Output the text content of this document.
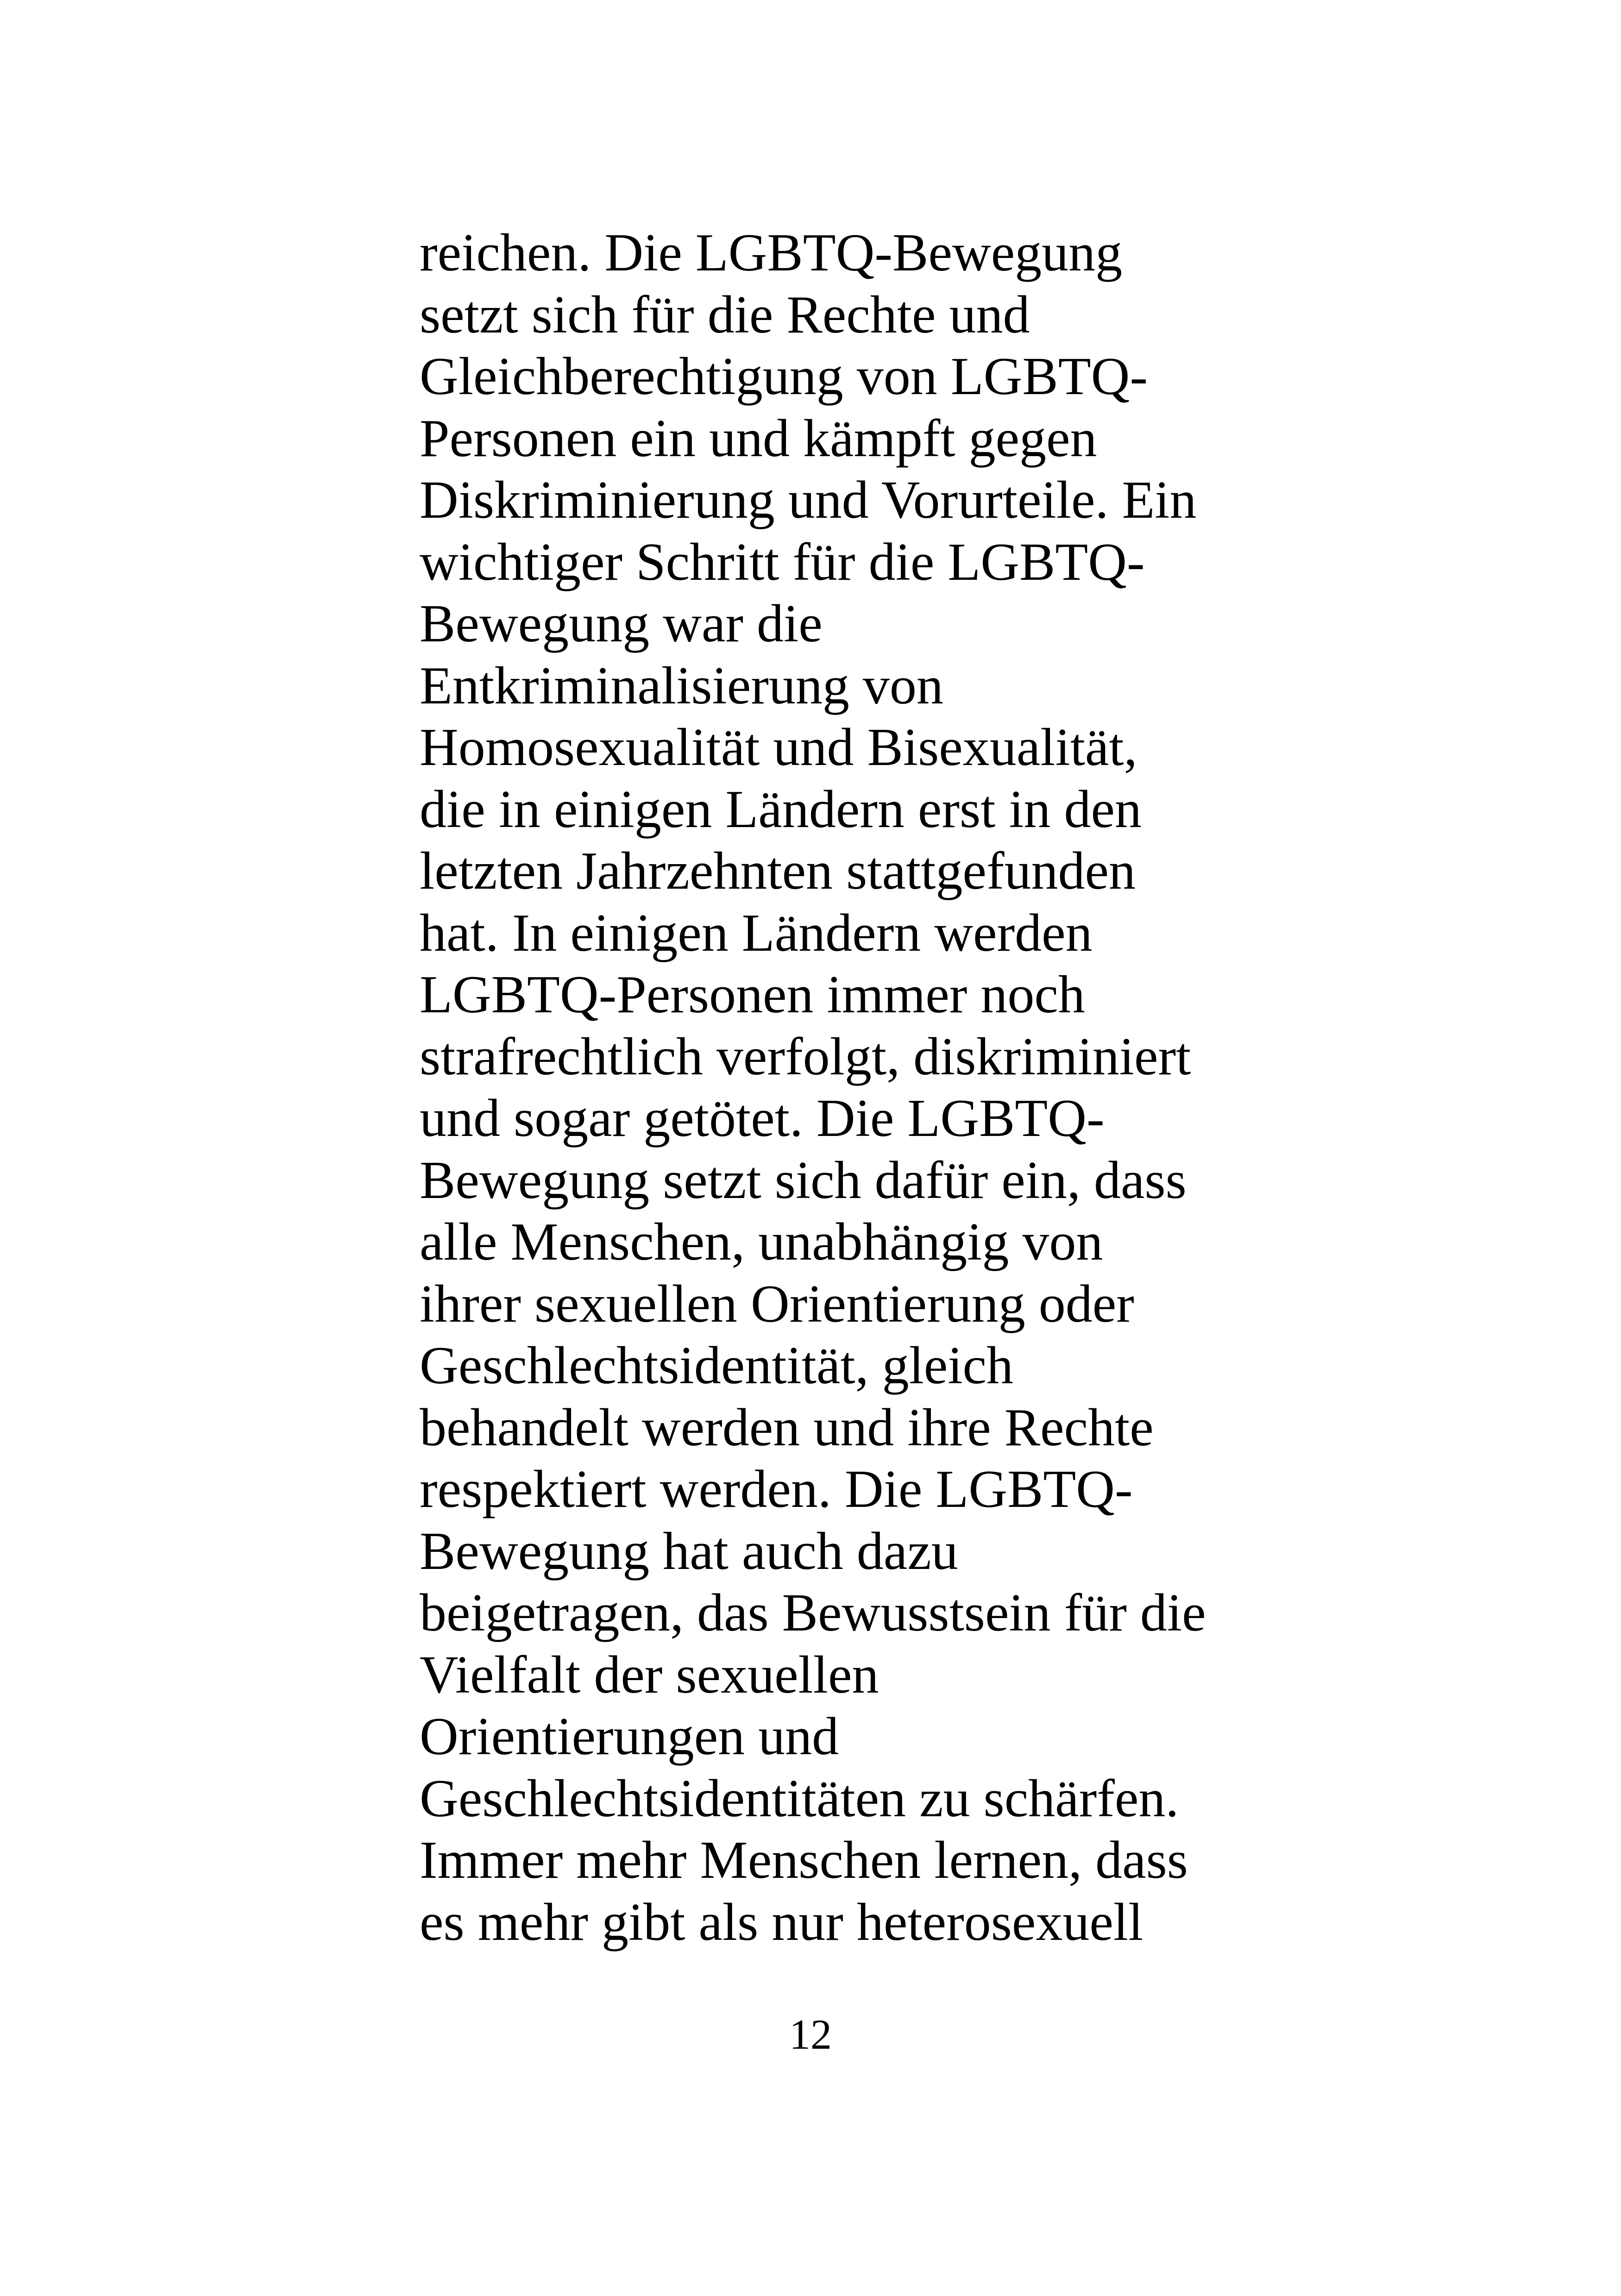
reichen. Die LGBTQ-Bewegung
setzt sich für die Rechte und
Gleichberechtigung von LGBTQ-
Personen ein und kämpft gegen
Diskriminierung und Vorurteile. Ein
wichtiger Schritt für die LGBTQ-
Bewegung war die
Entkriminalisierung von
Homosexualität und Bisexualität,
die in einigen Ländern erst in den
letzten Jahrzehnten stattgefunden
hat. In einigen Ländern werden
LGBTQ-Personen immer noch
strafrechtlich verfolgt, diskriminiert
und sogar getötet. Die LGBTQ-
Bewegung setzt sich dafür ein, dass
alle Menschen, unabhängig von
ihrer sexuellen Orientierung oder
Geschlechtsidentität, gleich
behandelt werden und ihre Rechte
respektiert werden. Die LGBTQ-
Bewegung hat auch dazu
beigetragen, das Bewusstsein für die
Vielfalt der sexuellen
Orientierungen und
Geschlechtsidentitäten zu schärfen.
Immer mehr Menschen lernen, dass
es mehr gibt als nur heterosexuell
12
